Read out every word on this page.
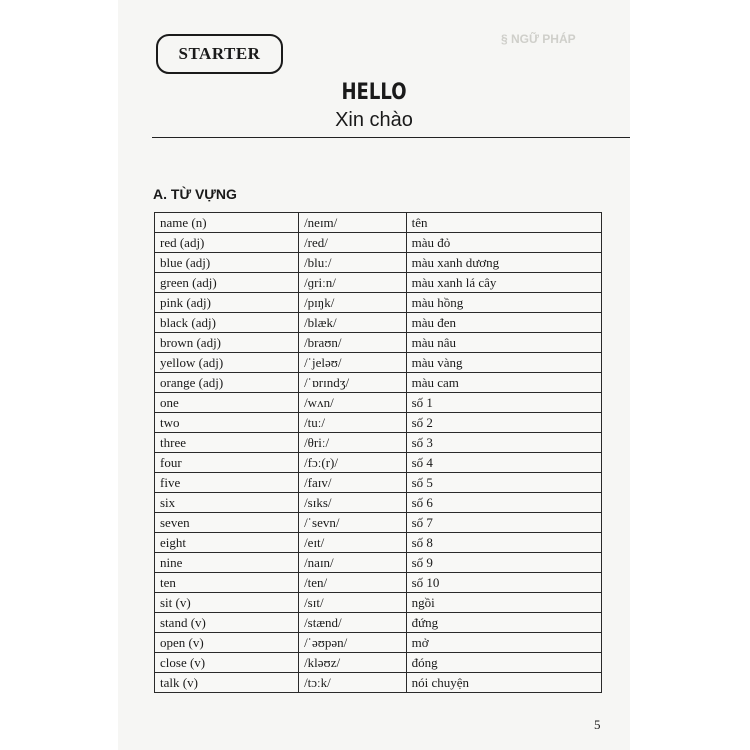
§ NGỮ PHÁP
STARTER
HELLO
Xin chào
A. TỪ VỰNG
name (n)	/neɪm/	tên
red (adj)	/red/	màu đỏ
blue (adj)	/bluː/	màu xanh dương
green (adj)	/ɡriːn/	màu xanh lá cây
pink (adj)	/pɪŋk/	màu hồng
black (adj)	/blæk/	màu đen
brown (adj)	/braʊn/	màu nâu
yellow (adj)	/ˈjeləʊ/	màu vàng
orange (adj)	/ˈɒrɪndʒ/	màu cam
one	/wʌn/	số 1
two	/tuː/	số 2
three	/θriː/	số 3
four	/fɔː(r)/	số 4
five	/faɪv/	số 5
six	/sɪks/	số 6
seven	/ˈsevn/	số 7
eight	/eɪt/	số 8
nine	/naɪn/	số 9
ten	/ten/	số 10
sit (v)	/sɪt/	ngồi
stand (v)	/stænd/	đứng
open (v)	/ˈəʊpən/	mở
close (v)	/kləʊz/	đóng
talk (v)	/tɔːk/	nói chuyện
5
